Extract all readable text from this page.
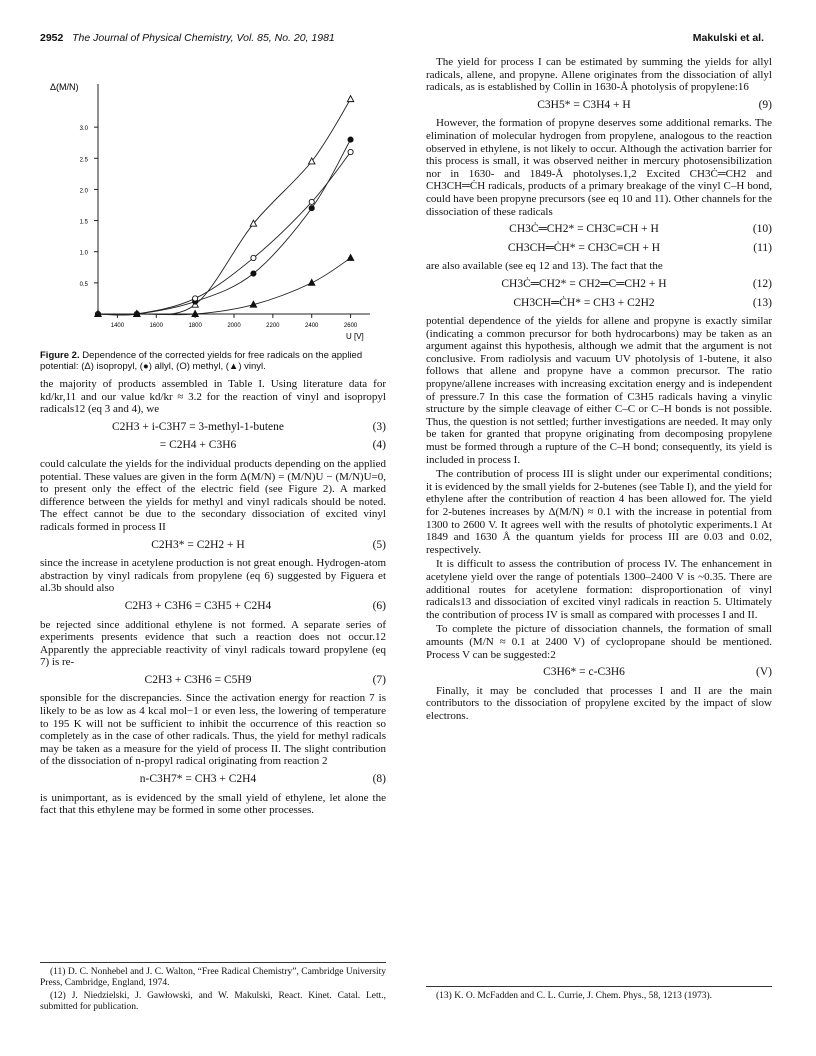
2952 The Journal of Physical Chemistry, Vol. 85, No. 20, 1981	Makulski et al.
0.5
1.0
1.5
2.0
2.5
3.0
1400	1600	1800	2000	2200	2400	2600
Δ(M/N)
U [V]
Figure 2. Dependence of the corrected yields for free radicals on the applied potential: (Δ) isopropyl, (●) allyl, (O) methyl, (▲) vinyl.

the majority of products assembled in Table I. Using literature data for kd/kr,11 and our value kd/kr ≈ 3.2 for the reaction of vinyl and isopropyl radicals12 (eq 3 and 4), we

C2H3 + i-C3H7 = 3-methyl-1-butene	(3)
= C2H4 + C3H6	(4)

could calculate the yields for the individual products depending on the applied potential. These values are given in the form Δ(M/N) = (M/N)U − (M/N)U=0, to present only the effect of the electric field (see Figure 2). A marked difference between the yields for methyl and vinyl radicals should be noted. The effect cannot be due to the secondary dissociation of excited vinyl radicals formed in process II

C2H3* = C2H2 + H	(5)

since the increase in acetylene production is not great enough. Hydrogen-atom abstraction by vinyl radicals from propylene (eq 6) suggested by Figuera et al.3b should also

C2H3 + C3H6 = C3H5 + C2H4	(6)

be rejected since additional ethylene is not formed. A separate series of experiments presents evidence that such a reaction does not occur.12 Apparently the appreciable reactivity of vinyl radicals toward propylene (eq 7) is re-

C2H3 + C3H6 = C5H9	(7)

sponsible for the discrepancies. Since the activation energy for reaction 7 is likely to be as low as 4 kcal mol−1 or even less, the lowering of temperature to 195 K will not be sufficient to inhibit the occurrence of this reaction so completely as in the case of other radicals. Thus, the yield for methyl radicals may be taken as a measure for the yield of process II. The slight contribution of the dissociation of n-propyl radical originating from reaction 2

n-C3H7* = CH3 + C2H4	(8)

is unimportant, as is evidenced by the small yield of ethylene, let alone the fact that this ethylene may be formed in some other processes.

(11) D. C. Nonhebel and J. C. Walton, “Free Radical Chemistry”, Cambridge University Press, Cambridge, England, 1974.

(12) J. Niedzielski, J. Gawłowski, and W. Makulski, React. Kinet. Catal. Lett., submitted for publication.

The yield for process I can be estimated by summing the yields for allyl radicals, allene, and propyne. Allene originates from the dissociation of allyl radicals, as is established by Collin in 1630-Å photolysis of propylene:16

C3H5* = C3H4 + H	(9)

However, the formation of propyne deserves some additional remarks. The elimination of molecular hydrogen from propylene, analogous to the reaction observed in ethylene, is not likely to occur. Although the activation barrier for this process is small, it was observed neither in mercury photosensibilization nor in 1630- and 1849-Å photolyses.1,2 Excited CH3Ċ═CH2 and CH3CH═ĊH radicals, products of a primary breakage of the vinyl C–H bond, could have been propyne precursors (see eq 10 and 11). Other channels for the dissociation of these radicals

CH3Ċ═CH2* = CH3C≡CH + H	(10)
CH3CH═ĊH* = CH3C≡CH + H	(11)

are also available (see eq 12 and 13). The fact that the

CH3Ċ═CH2* = CH2═C═CH2 + H	(12)
CH3CH═ĊH* = CH3 + C2H2	(13)

potential dependence of the yields for allene and propyne is exactly similar (indicating a common precursor for both hydrocarbons) may be taken as an argument against this hypothesis, although we admit that the argument is not conclusive. From radiolysis and vacuum UV photolysis of 1-butene, it also follows that allene and propyne have a common precursor. The ratio propyne/allene increases with increasing excitation energy and is independent of pressure.7 In this case the formation of C3H5 radicals having a vinylic structure by the simple cleavage of either C–C or C–H bonds is not possible. Thus, the question is not settled; further investigations are needed. It may only be taken for granted that propyne originating from decomposing propylene must be formed through a rupture of the C–H bond; consequently, its yield is included in process I.

The contribution of process III is slight under our experimental conditions; it is evidenced by the small yields for 2-butenes (see Table I), and the yield for ethylene after the contribution of reaction 4 has been allowed for. The yield for 2-butenes increases by Δ(M/N) ≈ 0.1 with the increase in potential from 1300 to 2600 V. It agrees well with the results of photolytic experiments.1 At 1849 and 1630 Å the quantum yields for process III are 0.03 and 0.02, respectively.

It is difficult to assess the contribution of process IV. The enhancement in acetylene yield over the range of potentials 1300–2400 V is ~0.35. There are additional routes for acetylene formation: disproportionation of vinyl radicals13 and dissociation of excited vinyl radicals in reaction 5. Ultimately the contribution of process IV is small as compared with processes I and II.

To complete the picture of dissociation channels, the formation of small amounts (M/N ≈ 0.1 at 2400 V) of cyclopropane should be mentioned. Process V can be suggested:2

C3H6* = c-C3H6	(V)

Finally, it may be concluded that processes I and II are the main contributors to the dissociation of propylene excited by the impact of slow electrons.

(13) K. O. McFadden and C. L. Currie, J. Chem. Phys., 58, 1213 (1973).
